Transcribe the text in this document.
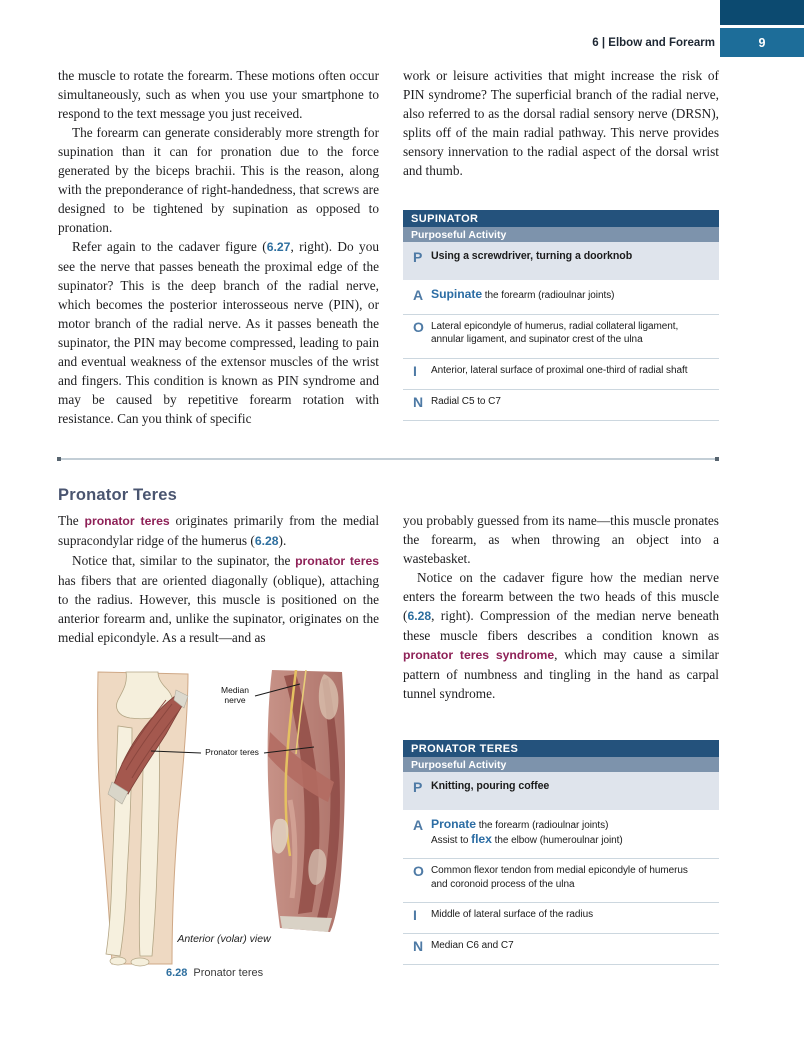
9
6 | Elbow and Forearm

the muscle to rotate the forearm. These motions often occur simultaneously, such as when you use your smartphone to respond to the text message you just received.

The forearm can generate considerably more strength for supination than it can for pronation due to the force generated by the biceps brachii. This is the reason, along with the preponderance of right-handedness, that screws are designed to be tightened by supination as opposed to pronation.

Refer again to the cadaver figure (6.27, right). Do you see the nerve that passes beneath the proximal edge of the supinator? This is the deep branch of the radial nerve, which becomes the posterior interosseous nerve (PIN), or motor branch of the radial nerve. As it passes beneath the supinator, the PIN may become compressed, leading to pain and eventual weakness of the extensor muscles of the wrist and fingers. This condition is known as PIN syndrome and may be caused by repetitive forearm rotation with resistance. Can you think of specific

work or leisure activities that might increase the risk of PIN syndrome? The superficial branch of the radial nerve, also referred to as the dorsal radial sensory nerve (DRSN), splits off of the main radial pathway. This nerve provides sensory innervation to the radial aspect of the dorsal wrist and thumb.

SUPINATOR
Purposeful Activity
P Using a screwdriver, turning a doorknob
A Supinate the forearm (radioulnar joints)
O Lateral epicondyle of humerus, radial collateral ligament,
annular ligament, and supinator crest of the ulna
I	Anterior, lateral surface of proximal one-third of radial shaft
N Radial C5 to C7
Pronator Teres

The pronator teres originates primarily from the medial supracondylar ridge of the humerus (6.28).

Notice that, similar to the supinator, the pronator teres has fibers that are oriented diagonally (oblique), attaching to the radius. However, this muscle is positioned on the anterior forearm and, unlike the supinator, originates on the medial epicondyle. As a result—and as

you probably guessed from its name—this muscle pronates the forearm, as when throwing an object into a wastebasket.

Notice on the cadaver figure how the median nerve enters the forearm between the two heads of this muscle (6.28, right). Compression of the median nerve beneath these muscle fibers describes a condition known as pronator teres syndrome, which may cause a similar pattern of numbness and tingling in the hand as carpal tunnel syndrome.

PRONATOR TERES
Purposeful Activity
P Knitting, pouring coffee
A Pronate the forearm (radioulnar joints)
Assist to flex the elbow (humeroulnar joint)
O Common flexor tendon from medial epicondyle of humerus
and coronoid process of the ulna
I	Middle of lateral surface of the radius
N Median C6 and C7
Median nerve
Pronator teres
Anterior (volar) view
6.28 Pronator teres
